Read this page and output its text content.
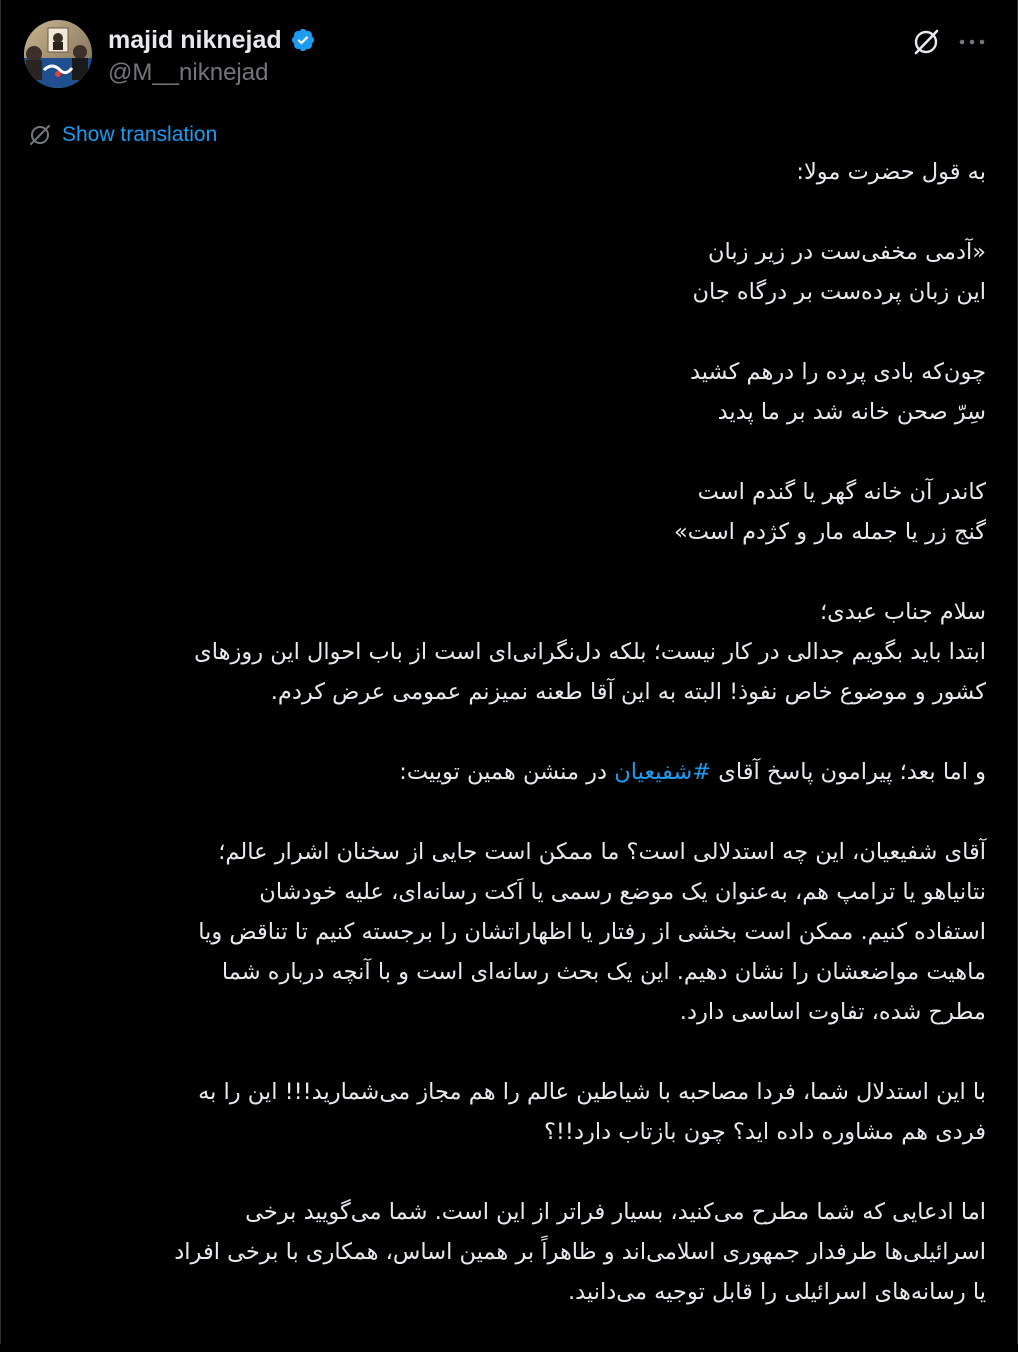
majid niknejad
@M__niknejad
Show translation

به قول حضرت مولا:

«آدمی مخفی‌ست در زیر زبان
این زبان پرده‌ست بر درگاه جان

چون‌که بادی پرده را درهم کشید
سِرّ صحن خانه شد بر ما پدید

کاندر آن خانه گهر یا گندم است
گنج زر یا جمله مار و کژدم است»

سلام جناب عبدی؛
ابتدا باید بگویم جدالی در کار نیست؛ بلکه دل‌نگرانی‌ای است از باب احوال این روزهای
کشور و موضوع خاص نفوذ! البته به این آقا طعنه نمیزنم عمومی عرض کردم.

و اما بعد؛ پیرامون پاسخ آقای #شفیعیان در منشن همین توییت:

آقای شفیعیان، این چه استدلالی است؟ ما ممکن است جایی از سخنان اشرار عالم؛
نتانیاهو یا ترامپ هم، به‌عنوان یک موضع رسمی یا اَکت رسانه‌ای، علیه خودشان
استفاده کنیم. ممکن است بخشی از رفتار یا اظهاراتشان را برجسته کنیم تا تناقض ویا
ماهیت مواضعشان را نشان دهیم. این یک بحث رسانه‌ای است و با آنچه درباره شما
مطرح شده، تفاوت اساسی دارد.

با این استدلال شما، فردا مصاحبه با شیاطین عالم را هم مجاز می‌شمارید!!! این را به
فردی هم مشاوره داده اید؟ چون بازتاب دارد!!؟

اما ادعایی که شما مطرح می‌کنید، بسیار فراتر از این است. شما می‌گویید برخی
اسرائیلی‌ها طرفدار جمهوری اسلامی‌اند و ظاهراً بر همین اساس، همکاری با برخی افراد
یا رسانه‌های اسرائیلی را قابل توجیه می‌دانید.
